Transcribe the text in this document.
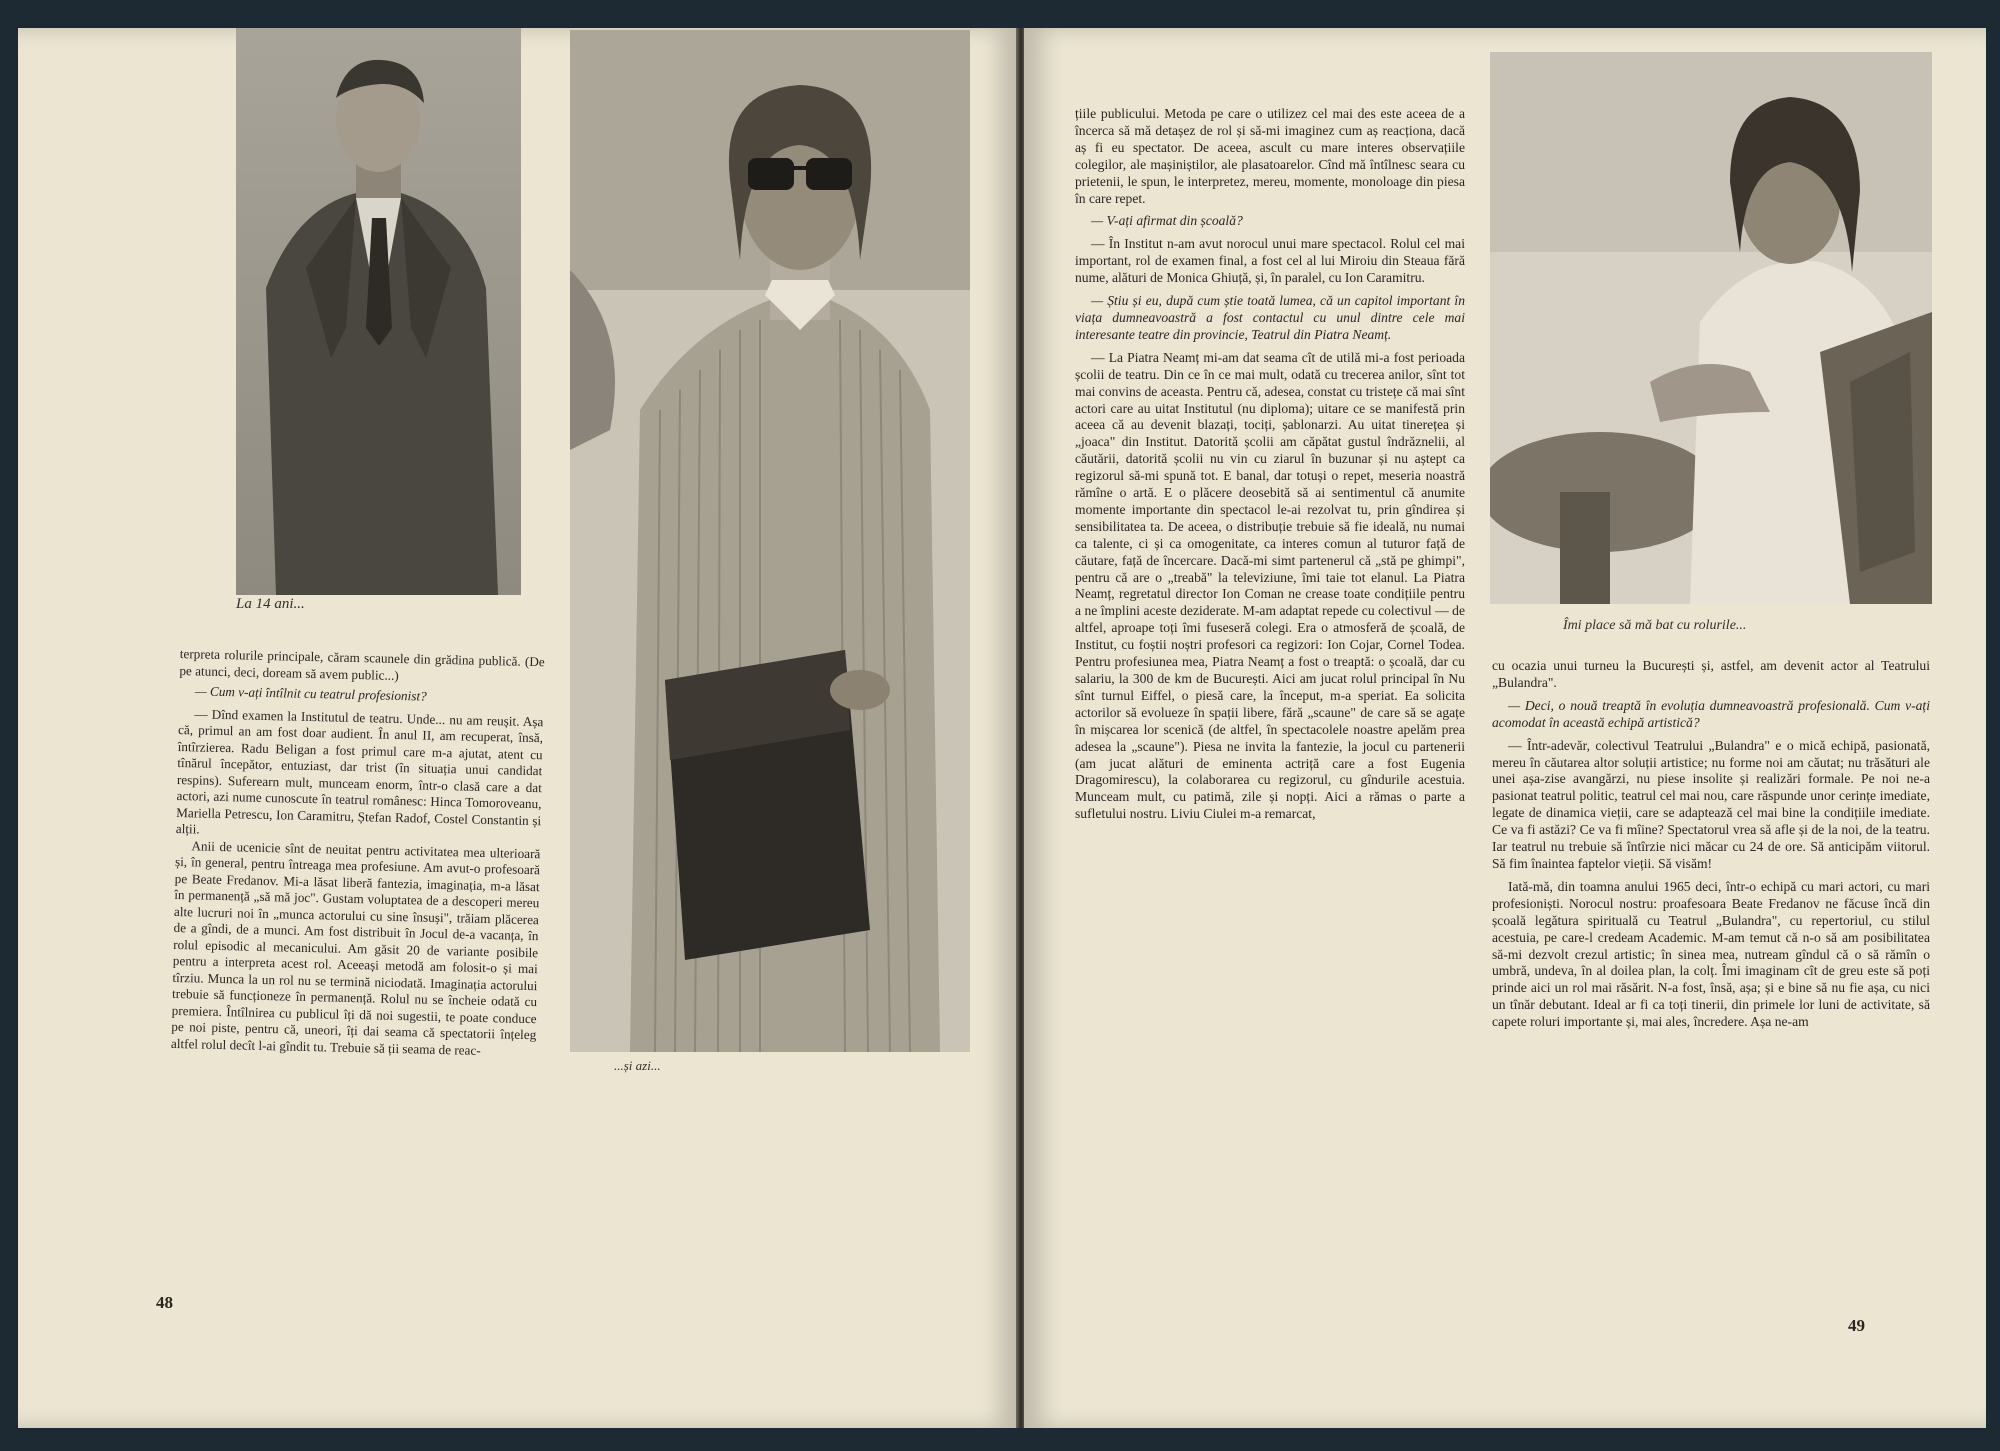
La 14 ani...
...și azi...
Îmi place să mă bat cu rolurile...

terpreta rolurile principale, căram scaunele din grădina publică. (De pe atunci, deci, doream să avem public...)

— Cum v-ați întîlnit cu teatrul profesionist?

— Dînd examen la Institutul de teatru. Unde... nu am reușit. Așa că, primul an am fost doar audient. În anul II, am recuperat, însă, întîrzierea. Radu Beligan a fost primul care m-a ajutat, atent cu tînărul începător, entuziast, dar trist (în situația unui candidat respins). Suferearn mult, munceam enorm, într-o clasă care a dat actori, azi nume cunoscute în teatrul românesc: Hinca Tomoroveanu, Mariella Petrescu, Ion Caramitru, Ștefan Radof, Costel Constantin și alții.

Anii de ucenicie sînt de neuitat pentru activitatea mea ulterioară și, în general, pentru întreaga mea profesiune. Am avut-o profesoară pe Beate Fredanov. Mi-a lăsat liberă fantezia, imaginația, m-a lăsat în permanență „să mă joc". Gustam voluptatea de a descoperi mereu alte lucruri noi în „munca actorului cu sine însuși", trăiam plăcerea de a gîndi, de a munci. Am fost distribuit în Jocul de-a vacanța, în rolul episodic al mecanicului. Am găsit 20 de variante posibile pentru a interpreta acest rol. Aceeași metodă am folosit-o și mai tîrziu. Munca la un rol nu se termină niciodată. Imaginația actorului trebuie să funcționeze în permanență. Rolul nu se încheie odată cu premiera. Întîlnirea cu publicul îți dă noi sugestii, te poate conduce pe noi piste, pentru că, uneori, îți dai seama că spectatorii înțeleg altfel rolul decît l-ai gîndit tu. Trebuie să ții seama de reac-

țiile publicului. Metoda pe care o utilizez cel mai des este aceea de a încerca să mă detașez de rol și să-mi imaginez cum aș reacționa, dacă aș fi eu spectator. De aceea, ascult cu mare interes observațiile colegilor, ale mașiniștilor, ale plasatoarelor. Cînd mă întîlnesc seara cu prietenii, le spun, le interpretez, mereu, momente, monoloage din piesa în care repet.

— V-ați afirmat din școală?

— În Institut n-am avut norocul unui mare spectacol. Rolul cel mai important, rol de examen final, a fost cel al lui Miroiu din Steaua fără nume, alături de Monica Ghiuță, și, în paralel, cu Ion Caramitru.

— Știu și eu, după cum știe toată lumea, că un capitol important în viața dumneavoastră a fost contactul cu unul dintre cele mai interesante teatre din provincie, Teatrul din Piatra Neamț.

— La Piatra Neamț mi-am dat seama cît de utilă mi-a fost perioada școlii de teatru. Din ce în ce mai mult, odată cu trecerea anilor, sînt tot mai convins de aceasta. Pentru că, adesea, constat cu tristețe că mai sînt actori care au uitat Institutul (nu diploma); uitare ce se manifestă prin aceea că au devenit blazați, tociți, șablonarzi. Au uitat tinerețea și „joaca" din Institut. Datorită școlii am căpătat gustul îndrăznelii, al căutării, datorită școlii nu vin cu ziarul în buzunar și nu aștept ca regizorul să-mi spună tot. E banal, dar totuși o repet, meseria noastră rămîne o artă. E o plăcere deosebită să ai sentimentul că anumite momente importante din spectacol le-ai rezolvat tu, prin gîndirea și sensibilitatea ta. De aceea, o distribuție trebuie să fie ideală, nu numai ca talente, ci și ca omogenitate, ca interes comun al tuturor față de căutare, față de încercare. Dacă-mi simt partenerul că „stă pe ghimpi", pentru că are o „treabă" la televiziune, îmi taie tot elanul. La Piatra Neamț, regretatul director Ion Coman ne crease toate condițiile pentru a ne împlini aceste deziderate. M-am adaptat repede cu colectivul — de altfel, aproape toți îmi fuseseră colegi. Era o atmosferă de școală, de Institut, cu foștii noștri profesori ca regizori: Ion Cojar, Cornel Todea. Pentru profesiunea mea, Piatra Neamț a fost o treaptă: o școală, dar cu salariu, la 300 de km de București. Aici am jucat rolul principal în Nu sînt turnul Eiffel, o piesă care, la început, m-a speriat. Ea solicita actorilor să evolueze în spații libere, fără „scaune" de care să se agațe în mișcarea lor scenică (de altfel, în spectacolele noastre apelăm prea adesea la „scaune"). Piesa ne invita la fantezie, la jocul cu partenerii (am jucat alături de eminenta actriță care a fost Eugenia Dragomirescu), la colaborarea cu regizorul, cu gîndurile acestuia. Munceam mult, cu patimă, zile și nopți. Aici a rămas o parte a sufletului nostru. Liviu Ciulei m-a remarcat,

cu ocazia unui turneu la București și, astfel, am devenit actor al Teatrului „Bulandra".

— Deci, o nouă treaptă în evoluția dumneavoastră profesională. Cum v-ați acomodat în această echipă artistică?

— Într-adevăr, colectivul Teatrului „Bulandra" e o mică echipă, pasionată, mereu în căutarea altor soluții artistice; nu forme noi am căutat; nu trăsături ale unei așa-zise avangărzi, nu piese insolite și realizări formale. Pe noi ne-a pasionat teatrul politic, teatrul cel mai nou, care răspunde unor cerințe imediate, legate de dinamica vieții, care se adaptează cel mai bine la condițiile imediate. Ce va fi astăzi? Ce va fi mîine? Spectatorul vrea să afle și de la noi, de la teatru. Iar teatrul nu trebuie să întîrzie nici măcar cu 24 de ore. Să anticipăm viitorul. Să fim înaintea faptelor vieții. Să visăm!

Iată-mă, din toamna anului 1965 deci, într-o echipă cu mari actori, cu mari profesioniști. Norocul nostru: proafesoara Beate Fredanov ne făcuse încă din școală legătura spirituală cu Teatrul „Bulandra", cu repertoriul, cu stilul acestuia, pe care-l credeam Academic. M-am temut că n-o să am posibilitatea să-mi dezvolt crezul artistic; în sinea mea, nutream gîndul că o să rămîn o umbră, undeva, în al doilea plan, la colț. Îmi imaginam cît de greu este să poți prinde aici un rol mai răsărit. N-a fost, însă, așa; și e bine să nu fie așa, cu nici un tînăr debutant. Ideal ar fi ca toți tinerii, din primele lor luni de activitate, să capete roluri importante și, mai ales, încredere. Așa ne-am

48
49
